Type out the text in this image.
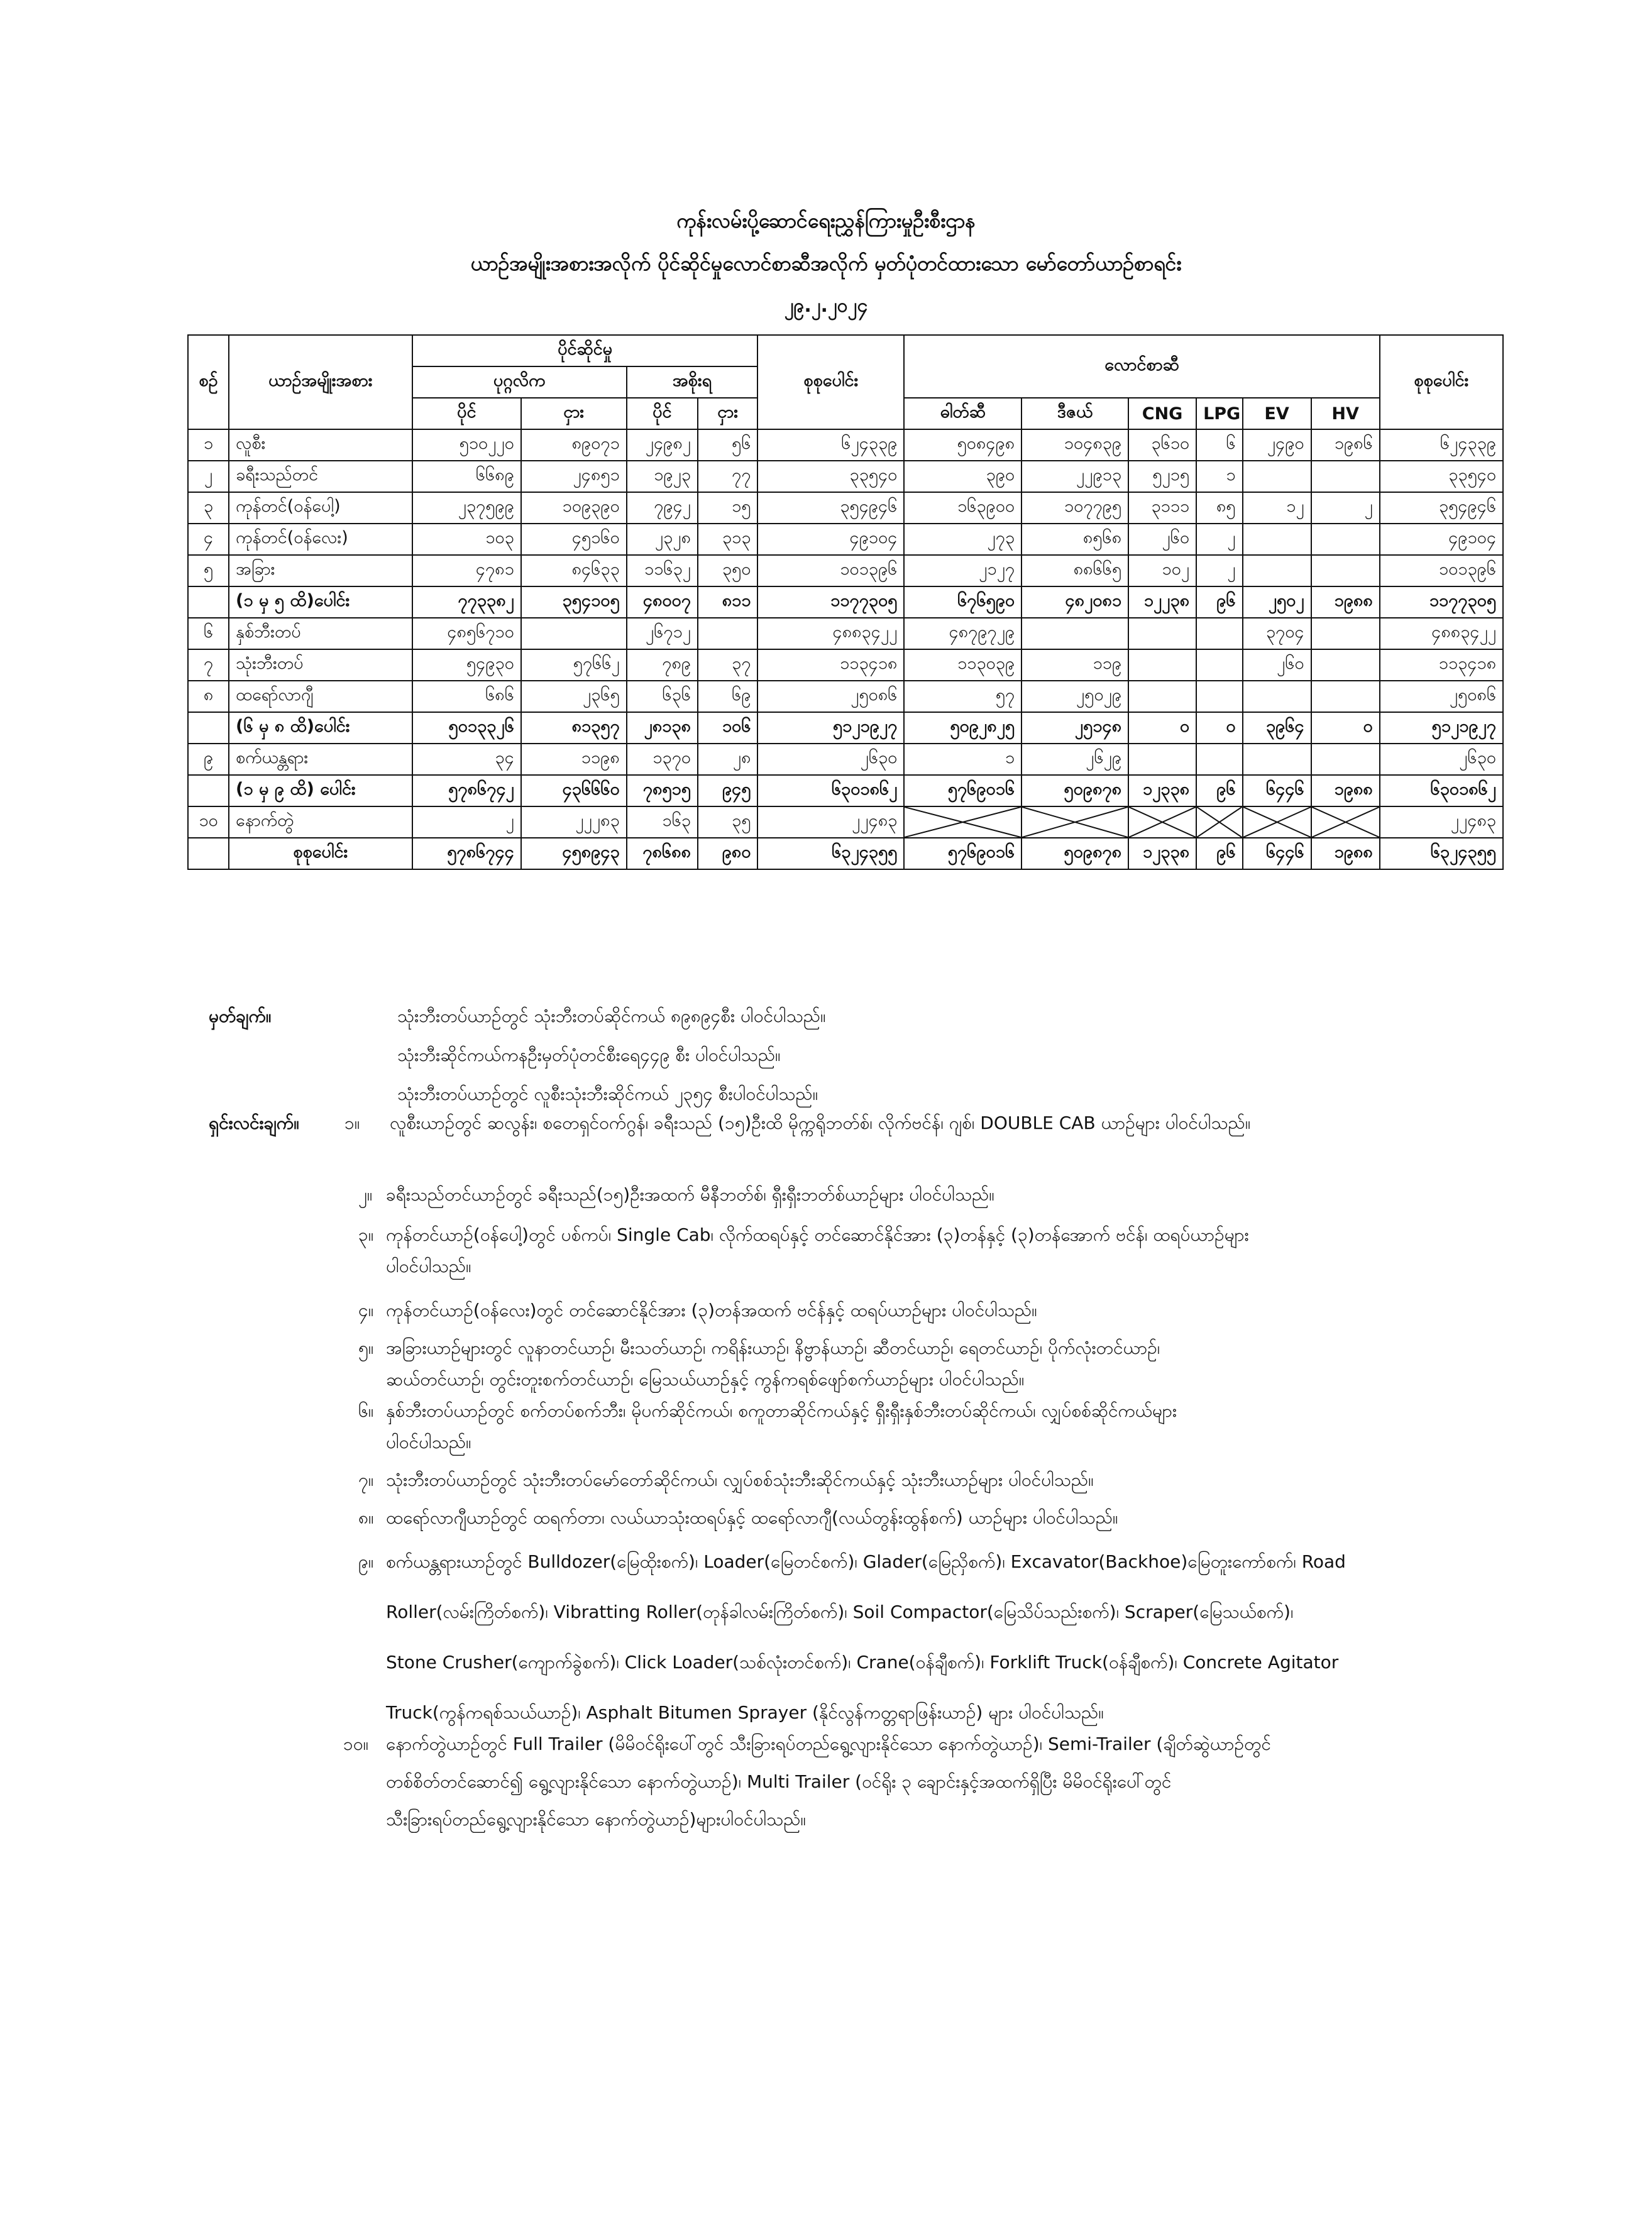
ကုန်းလမ်းပို့ဆောင်ရေးညွှန်ကြားမှုဦးစီးဌာန
ယာဉ်အမျိုးအစားအလိုက် ပိုင်ဆိုင်မှုလောင်စာဆီအလိုက် မှတ်ပုံတင်ထားသော မော်တော်ယာဉ်စာရင်း
၂၉.၂.၂၀၂၄
စဉ်	ယာဉ်အမျိုးအစား	ပိုင်ဆိုင်မှု				စုစုပေါင်း	လောင်စာဆီ						စုစုပေါင်း
		ပုဂ္ဂလိက		အစိုးရ									
		ပိုင်	ငှား	ပိုင်	ငှား		ဓါတ်ဆီ	ဒီဇယ်	CNG	LPG	EV	HV	
၁	လူစီး	၅၁၀၂၂၀	၈၉၀၇၁	၂၄၉၈၂	၅၆	၆၂၄၃၃၉	၅၀၈၄၉၈	၁၀၄၈၃၉	၃၆၁၀	၆	၂၄၉၀	၁၉၈၆	၆၂၄၃၃၉
၂	ခရီးသည်တင်	၆၆၈၉	၂၄၈၅၁	၁၉၂၃	၇၇	၃၃၅၄၀	၃၉၀	၂၂၉၁၃	၅၂၁၅	၁			၃၃၅၄၀
၃	ကုန်တင်(ဝန်ပေါ့)	၂၃၇၅၉၉	၁၀၉၃၉၀	၇၉၄၂	၁၅	၃၅၄၉၄၆	၁၆၃၉၀၀	၁၀၇၇၉၅	၃၁၁၁	၈၅	၁၂	၂	၃၅၄၉၄၆
၄	ကုန်တင်(ဝန်လေး)	၁၀၃	၄၅၁၆၀	၂၃၂၈	၃၁၃	၄၉၁၀၄	၂၇၃	၈၅၆၈	၂၆၀	၂			၄၉၁၀၄
၅	အခြား	၄၇၈၁	၈၄၆၃၃	၁၁၆၃၂	၃၅၀	၁၀၁၃၉၆	၂၁၂၇	၈၈၆၆၅	၁၀၂	၂			၁၀၁၃၉၆
	(၁ မှ ၅ ထိ)ပေါင်း	၇၇၃၃၈၂	၃၅၄၁၀၅	၄၈၀၀၇	၈၁၁	၁၁၇၇၃၀၅	၆၇၆၅၉၀	၄၈၂၀၈၁	၁၂၂၃၈	၉၆	၂၅၀၂	၁၉၈၈	၁၁၇၇၃၀၅
၆	နှစ်ဘီးတပ်	၄၈၅၆၇၁၀		၂၆၇၁၂		၄၈၈၃၄၂၂	၄၈၇၉၇၂၉				၃၇၀၄		၄၈၈၃၄၂၂
၇	သုံးဘီးတပ်	၅၄၉၃၀	၅၇၆၆၂	၇၈၉	၃၇	၁၁၃၄၁၈	၁၁၃၀၃၉	၁၁၉			၂၆၀		၁၁၃၄၁၈
၈	ထရော်လာဂျီ	၆၈၆	၂၃၆၅	၆၃၆	၆၉	၂၅၀၈၆	၅၇	၂၅၀၂၉					၂၅၀၈၆
	(၆ မှ ၈ ထိ)ပေါင်း	၅၀၁၃၃၂၆	၈၁၃၅၇	၂၈၁၃၈	၁၀၆	၅၁၂၁၉၂၇	၅၀၉၂၈၂၅	၂၅၁၄၈	၀	၀	၃၉၆၄	၀	၅၁၂၁၉၂၇
၉	စက်ယန္တရား	၃၄	၁၁၉၈	၁၃၇၀	၂၈	၂၆၃၀	၁	၂၆၂၉					၂၆၃၀
	(၁ မှ ၉ ထိ) ပေါင်း	၅၇၈၆၇၄၂	၄၃၆၆၆၀	၇၈၅၁၅	၉၄၅	၆၃၀၁၈၆၂	၅၇၆၉၀၁၆	၅၀၉၈၇၈	၁၂၃၃၈	၉၆	၆၄၄၆	၁၉၈၈	၆၃၀၁၈၆၂
၁၀	နောက်တွဲ	၂	၂၂၂၈၃	၁၆၃	၃၅	၂၂၄၈၃							၂၂၄၈၃
	စုစုပေါင်း	၅၇၈၆၇၄၄	၄၅၈၉၄၃	၇၈၆၈၈	၉၈၀	၆၃၂၄၃၅၅	၅၇၆၉၀၁၆	၅၀၉၈၇၈	၁၂၃၃၈	၉၆	၆၄၄၆	၁၉၈၈	၆၃၂၄၃၅၅
မှတ်ချက်။	သုံးဘီးတပ်ယာဉ်တွင် သုံးဘီးတပ်ဆိုင်ကယ် ၈၉၈၉၄စီး ပါဝင်ပါသည်။
သုံးဘီးဆိုင်ကယ်ကနဦးမှတ်ပုံတင်စီးရေ၄၄၉ စီး ပါဝင်ပါသည်။
သုံးဘီးတပ်ယာဉ်တွင် လူစီးသုံးဘီးဆိုင်ကယ် ၂၃၅၄ စီးပါဝင်ပါသည်။
ရှင်းလင်းချက်။	၁။ လူစီးယာဉ်တွင် ဆလွန်း၊ စတေရှင်ဝက်ဂွန်၊ ခရီးသည် (၁၅)ဦးထိ မိုက္ကရိုဘတ်စ်၊ လိုက်ဗင်န်၊ ဂျစ်၊ DOUBLE CAB ယာဉ်များ ပါဝင်ပါသည်။
၂။ ခရီးသည်တင်ယာဉ်တွင် ခရီးသည်(၁၅)ဦးအထက် မီနီဘတ်စ်၊ ရှီးရှီးဘတ်စ်ယာဉ်များ ပါဝင်ပါသည်။
၃။ ကုန်တင်ယာဉ်(ဝန်ပေါ့)တွင် ပစ်ကပ်၊ Single Cab၊ လိုက်ထရပ်နှင့် တင်ဆောင်နိုင်အား (၃)တန်နှင့် (၃)တန်အောက် ဗင်န်၊ ထရပ်ယာဉ်များ
ပါဝင်ပါသည်။
၄။ ကုန်တင်ယာဉ်(ဝန်လေး)တွင် တင်ဆောင်နိုင်အား (၃)တန်အထက် ဗင်န်နှင့် ထရပ်ယာဉ်များ ပါဝင်ပါသည်။
၅။ အခြားယာဉ်များတွင် လူနာတင်ယာဉ်၊ မီးသတ်ယာဉ်၊ ကရိန်းယာဉ်၊ နိဗ္ဗာန်ယာဉ်၊ ဆီတင်ယာဉ်၊ ရေတင်ယာဉ်၊ ပိုက်လုံးတင်ယာဉ်၊
ဆယ်တင်ယာဉ်၊ တွင်းတူးစက်တင်ယာဉ်၊ မြေသယ်ယာဉ်နှင့် ကွန်ကရစ်ဖျော်စက်ယာဉ်များ ပါဝင်ပါသည်။
၆။ နှစ်ဘီးတပ်ယာဉ်တွင် စက်တပ်စက်ဘီး၊ မိုပက်ဆိုင်ကယ်၊ စကူတာဆိုင်ကယ်နှင့် ရှီးရှီးနှစ်ဘီးတပ်ဆိုင်ကယ်၊ လျှပ်စစ်ဆိုင်ကယ်များ
ပါဝင်ပါသည်။
၇။ သုံးဘီးတပ်ယာဉ်တွင် သုံးဘီးတပ်မော်တော်ဆိုင်ကယ်၊ လျှပ်စစ်သုံးဘီးဆိုင်ကယ်နှင့် သုံးဘီးယာဉ်များ ပါဝင်ပါသည်။
၈။ ထရော်လာဂျီယာဉ်တွင် ထရက်တာ၊ လယ်ယာသုံးထရပ်နှင့် ထရော်လာဂျီ(လယ်တွန်းထွန်စက်) ယာဉ်များ ပါဝင်ပါသည်။
၉။ စက်ယန္တရားယာဉ်တွင် Bulldozer(မြေထိုးစက်)၊ Loader(မြေတင်စက်)၊ Glader(မြေညှိစက်)၊ Excavator(Backhoe)မြေတူးကော်စက်၊ Road
Roller(လမ်းကြိတ်စက်)၊ Vibratting Roller(တုန်ခါလမ်းကြိတ်စက်)၊ Soil Compactor(မြေသိပ်သည်းစက်)၊ Scraper(မြေသယ်စက်)၊
Stone Crusher(ကျောက်ခွဲစက်)၊ Click Loader(သစ်လုံးတင်စက်)၊ Crane(ဝန်ချီစက်)၊ Forklift Truck(ဝန်ချီစက်)၊ Concrete Agitator
Truck(ကွန်ကရစ်သယ်ယာဉ်)၊ Asphalt Bitumen Sprayer (နိုင်လွန်ကတ္တရာဖြန်းယာဉ်) များ ပါဝင်ပါသည်။
၁၀။ နောက်တွဲယာဉ်တွင် Full Trailer (မိမိဝင်ရိုးပေါ်တွင် သီးခြားရပ်တည်ရွေ့လျားနိုင်သော နောက်တွဲယာဉ်)၊ Semi-Trailer (ချိတ်ဆွဲယာဉ်တွင်
တစ်စိတ်တင်ဆောင်၍ ရွေ့လျားနိုင်သော နောက်တွဲယာဉ်)၊ Multi Trailer (ဝင်ရိုး ၃ ချောင်းနှင့်အထက်ရှိပြီး မိမိဝင်ရိုးပေါ်တွင်
သီးခြားရပ်တည်ရွေ့လျားနိုင်သော နောက်တွဲယာဉ်)များပါဝင်ပါသည်။
